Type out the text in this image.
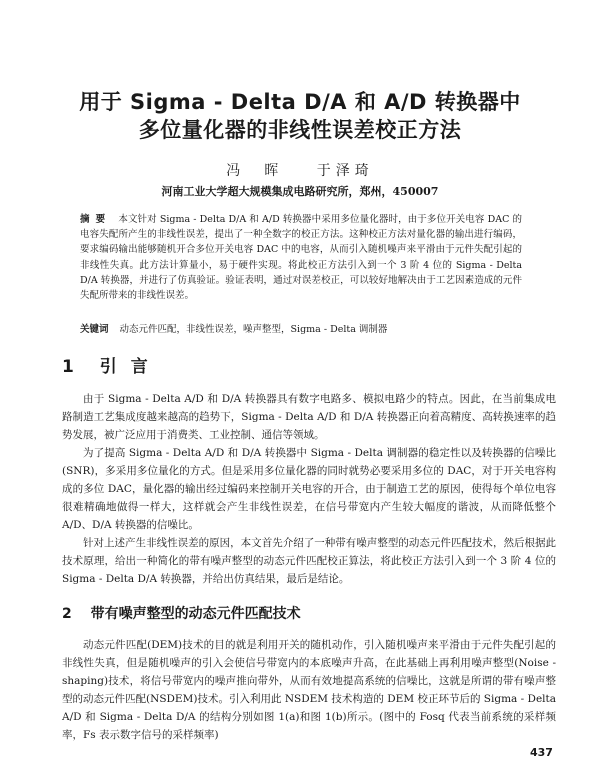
用于 Sigma - Delta D/A 和 A/D 转换器中
多位量化器的非线性误差校正方法
冯　晖 于泽琦
河南工业大学超大规模集成电路研究所，郑州，450007
摘要 本文针对 Sigma - Delta D/A 和 A/D 转换器中采用多位量化器时，由于多位开关电容 DAC 的电容失配所产生的非线性误差，提出了一种全数字的校正方法。这种校正方法对量化器的输出进行编码，要求编码输出能够随机开合多位开关电容 DAC 中的电容，从而引入随机噪声来平滑由于元件失配引起的非线性失真。此方法计算量小，易于硬件实现。将此校正方法引入到一个 3 阶 4 位的 Sigma - Delta D/A 转换器，并进行了仿真验证。验证表明，通过对误差校正，可以较好地解决由于工艺因素造成的元件失配所带来的非线性误差。
关键词 动态元件匹配，非线性误差，噪声整型，Sigma - Delta 调制器
1 引言

由于 Sigma - Delta A/D 和 D/A 转换器具有数字电路多、模拟电路少的特点。因此，在当前集成电路制造工艺集成度越来越高的趋势下，Sigma - Delta A/D 和 D/A 转换器正向着高精度、高转换速率的趋势发展，被广泛应用于消费类、工业控制、通信等领域。

为了提高 Sigma - Delta A/D 和 D/A 转换器中 Sigma - Delta 调制器的稳定性以及转换器的信噪比(SNR)，多采用多位量化的方式。但是采用多位量化器的同时就势必要采用多位的 DAC，对于开关电容构成的多位 DAC，量化器的输出经过编码来控制开关电容的开合，由于制造工艺的原因，使得每个单位电容很难精确地做得一样大，这样就会产生非线性误差，在信号带宽内产生较大幅度的谐波，从而降低整个 A/D、D/A 转换器的信噪比。

针对上述产生非线性误差的原因，本文首先介绍了一种带有噪声整型的动态元件匹配技术，然后根据此技术原理，给出一种简化的带有噪声整型的动态元件匹配校正算法，将此校正方法引入到一个 3 阶 4 位的 Sigma - Delta D/A 转换器，并给出仿真结果，最后是结论。

2 带有噪声整型的动态元件匹配技术

动态元件匹配(DEM)技术的目的就是利用开关的随机动作，引入随机噪声来平滑由于元件失配引起的非线性失真，但是随机噪声的引入会使信号带宽内的本底噪声升高，在此基础上再利用噪声整型(Noise - shaping)技术，将信号带宽内的噪声推向带外，从而有效地提高系统的信噪比，这就是所谓的带有噪声整型的动态元件匹配(NSDEM)技术。引入利用此 NSDEM 技术构造的 DEM 校正环节后的 Sigma - Delta A/D 和 Sigma - Delta D/A 的结构分别如图 1(a)和图 1(b)所示。(图中的 Fosq 代表当前系统的采样频率，Fs 表示数字信号的采样频率)

437
